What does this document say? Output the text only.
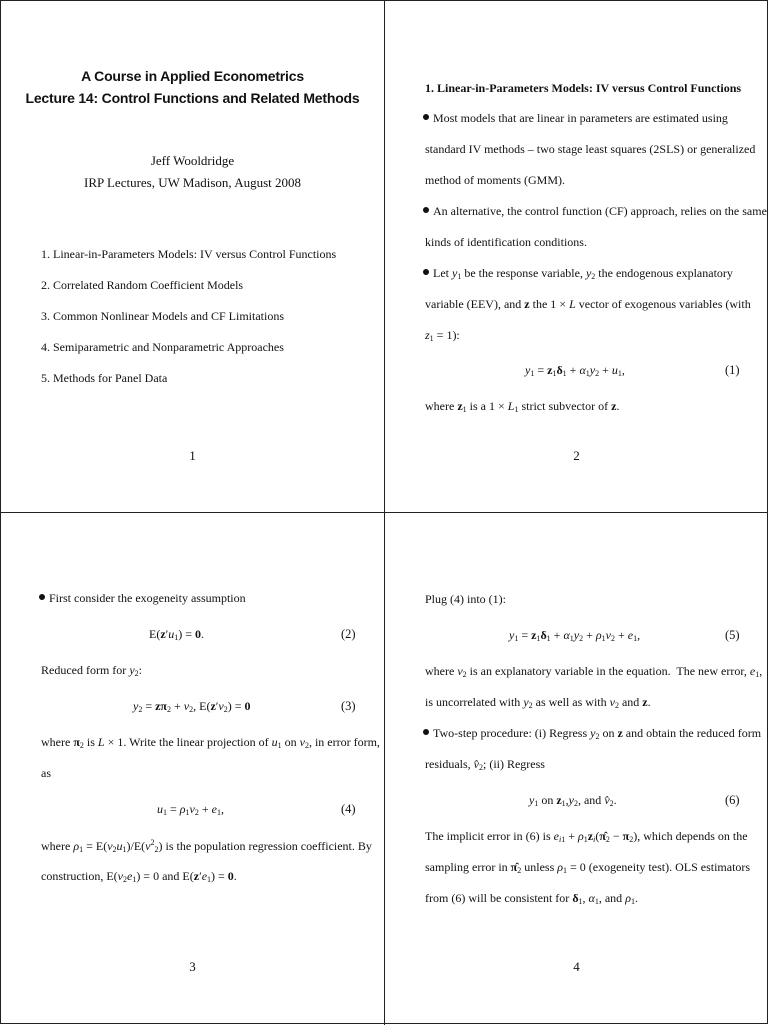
A Course in Applied Econometrics
Lecture 14: Control Functions and Related Methods
Jeff Wooldridge
IRP Lectures, UW Madison, August 2008
1. Linear-in-Parameters Models: IV versus Control Functions
2. Correlated Random Coefficient Models
3. Common Nonlinear Models and CF Limitations
4. Semiparametric and Nonparametric Approaches
5. Methods for Panel Data
1
1. Linear-in-Parameters Models: IV versus Control Functions
Most models that are linear in parameters are estimated using
standard IV methods – two stage least squares (2SLS) or generalized
method of moments (GMM).
An alternative, the control function (CF) approach, relies on the same
kinds of identification conditions.
Let $y_1$ be the response variable, $y_2$ the endogenous explanatory
variable (EEV), and z the 1 × L vector of exogenous variables (with
$z_1 = 1$):
$y_1 = z_1\delta_1 + \alpha_1y_2 + u_1$,	(1)
where $z_1$ is a $1 \times L_1$ strict subvector of z.
2
First consider the exogeneity assumption
$E(z'u_1) = 0$.	(2)
Reduced form for $y_2$:
$y_2 = z\pi_2 + v_2$, $E(z'v_2) = 0$	(3)
where $\pi_2$ is L × 1. Write the linear projection of $u_1$ on $v_2$, in error form,
as
$u_1 = \rho_1v_2 + e_1$,	(4)
where $\rho_1 = E(v_2u_1)/E(v^2_2)$ is the population regression coefficient. By
construction, $E(v_2e_1) = 0$ and $E(z'e_1) = 0$.
3
Plug (4) into (1):
$y_1 = z_1\delta_1 + \alpha_1y_2 + \rho_1v_2 + e_1$,	(5)
where $v_2$ is an explanatory variable in the equation.  The new error, $e_1$,
is uncorrelated with $y_2$ as well as with $v_2$ and z.
Two-step procedure: (i) Regress $y_2$ on z and obtain the reduced form
residuals, $v̂_2$; (ii) Regress
$y_1$ on $z_1,y_2$, and $v̂_2$.	(6)
The implicit error in (6) is $e_{i1}$ + $\rho_1z_i(\pî_2 - \pi_2)$, which depends on the
sampling error in $\pî_2$ unless $\rho_1 = 0$ (exogeneity test). OLS estimators
from (6) will be consistent for $\delta_1$, $\alpha_1$, and $\rho_1$.
4
